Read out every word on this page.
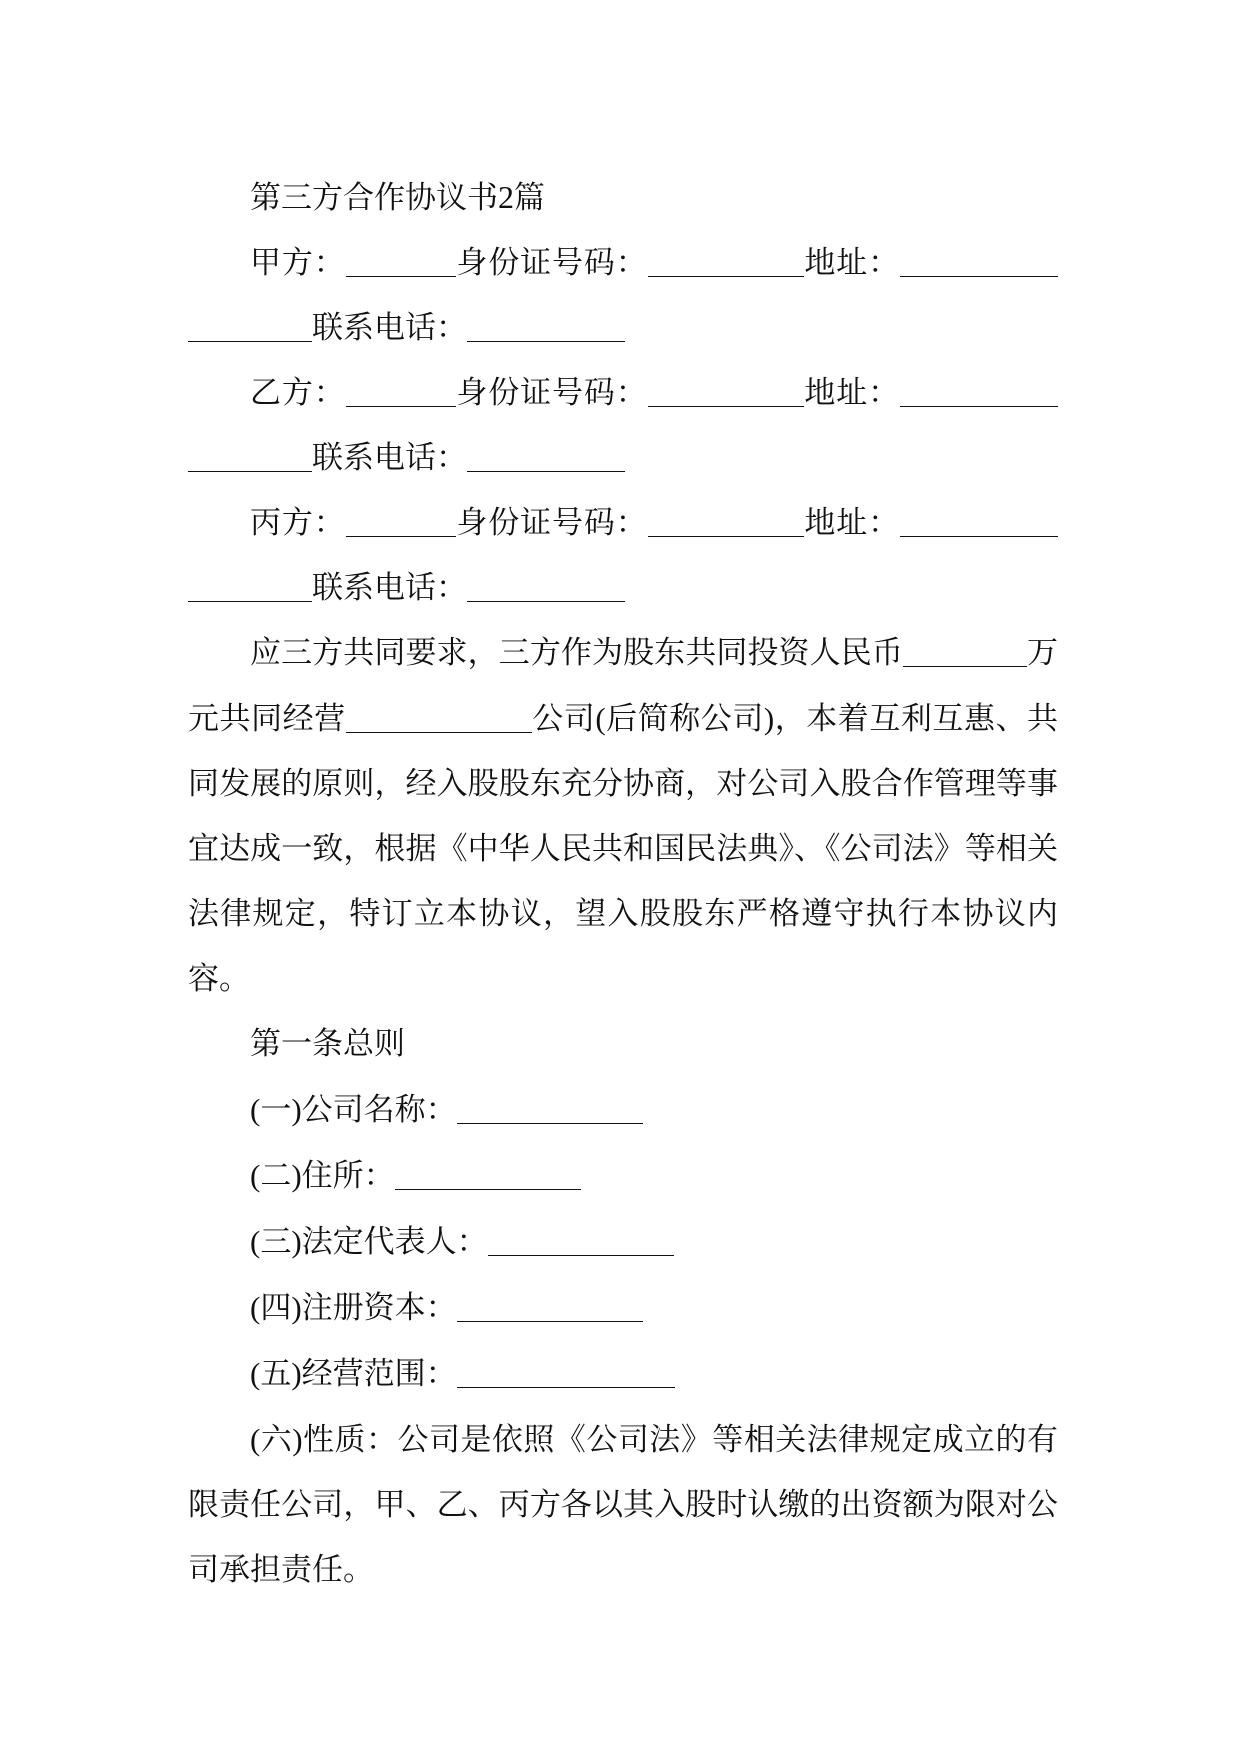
第三方合作协议书2篇

甲方：	身份证号码：	地址：联系电话：

乙方：	身份证号码：	地址：联系电话：

丙方：	身份证号码：	地址：联系电话：

应三方共同要求，三方作为股东共同投资人民币	万元共同经营	公司(后简称公司)，本着互利互惠、共同发展的原则，经入股股东充分协商，对公司入股合作管理等事宜达成一致，根据《中华人民共和国民法典》、《公司法》等相关法律规定，特订立本协议，望入股股东严格遵守执行本协议内容。

第一条总则

(一)公司名称：

(二)住所：

(三)法定代表人：

(四)注册资本：

(五)经营范围：

(六)性质：公司是依照《公司法》等相关法律规定成立的有限责任公司，甲、乙、丙方各以其入股时认缴的出资额为限对公司承担责任。
